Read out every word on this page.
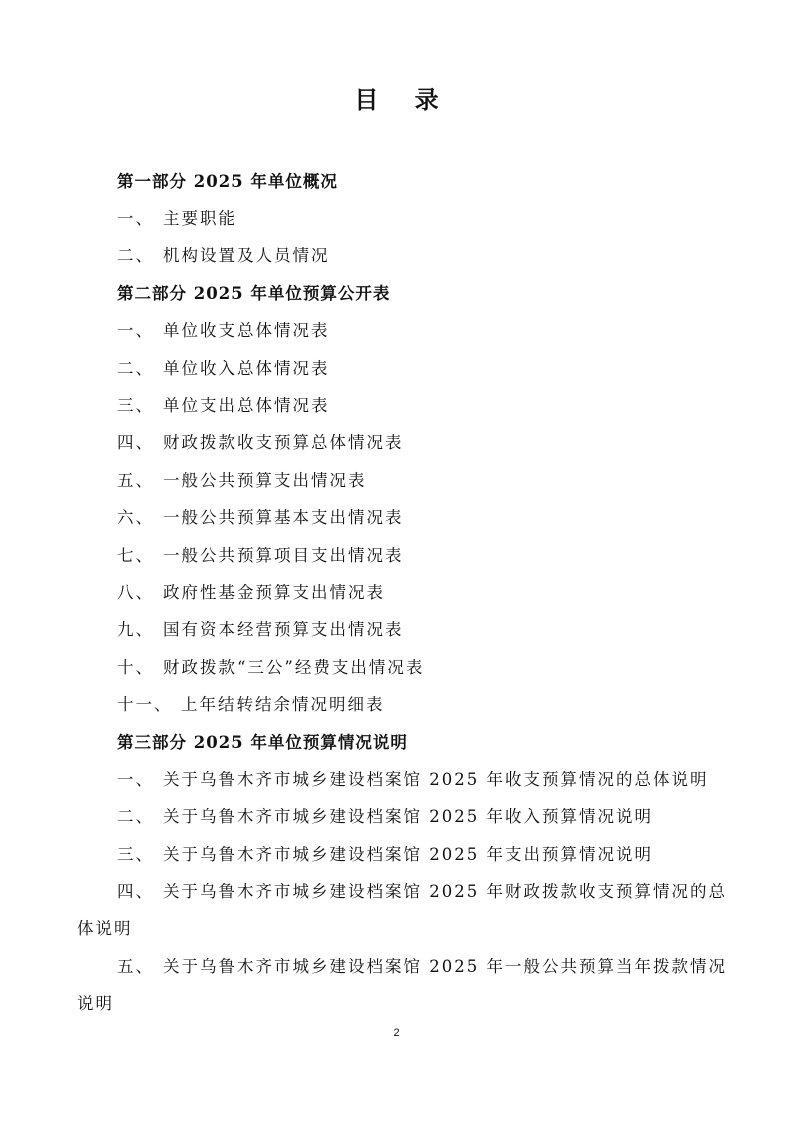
目 录
第一部分 2025 年单位概况
一、 主要职能
二、 机构设置及人员情况
第二部分 2025 年单位预算公开表
一、 单位收支总体情况表
二、 单位收入总体情况表
三、 单位支出总体情况表
四、 财政拨款收支预算总体情况表
五、 一般公共预算支出情况表
六、 一般公共预算基本支出情况表
七、 一般公共预算项目支出情况表
八、 政府性基金预算支出情况表
九、 国有资本经营预算支出情况表
十、 财政拨款“三公”经费支出情况表
十一、 上年结转结余情况明细表
第三部分 2025 年单位预算情况说明
一、 关于乌鲁木齐市城乡建设档案馆 2025 年收支预算情况的总体说明
二、 关于乌鲁木齐市城乡建设档案馆 2025 年收入预算情况说明
三、 关于乌鲁木齐市城乡建设档案馆 2025 年支出预算情况说明
四、 关于乌鲁木齐市城乡建设档案馆 2025 年财政拨款收支预算情况的总
体说明
五、 关于乌鲁木齐市城乡建设档案馆 2025 年一般公共预算当年拨款情况
说明
2
